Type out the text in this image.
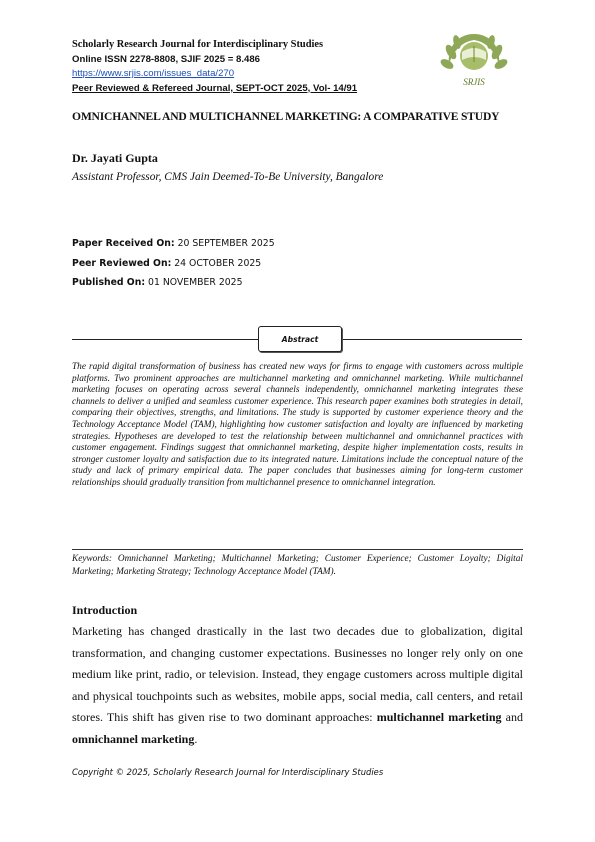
Scholarly Research Journal for Interdisciplinary Studies
Online ISSN 2278-8808, SJIF 2025 = 8.486
https://www.srjis.com/issues_data/270
Peer Reviewed & Refereed Journal, SEPT-OCT 2025, Vol- 14/91
SRJIS
OMNICHANNEL AND MULTICHANNEL MARKETING: A COMPARATIVE STUDY
Dr. Jayati Gupta
Assistant Professor, CMS Jain Deemed-To-Be University, Bangalore
Paper Received On: 20 SEPTEMBER 2025
Peer Reviewed On: 24 OCTOBER 2025
Published On: 01 NOVEMBER 2025
Abstract
The rapid digital transformation of business has created new ways for firms to engage with customers across multiple platforms. Two prominent approaches are multichannel marketing and omnichannel marketing. While multichannel marketing focuses on operating across several channels independently, omnichannel marketing integrates these channels to deliver a unified and seamless customer experience. This research paper examines both strategies in detail, comparing their objectives, strengths, and limitations. The study is supported by customer experience theory and the Technology Acceptance Model (TAM), highlighting how customer satisfaction and loyalty are influenced by marketing strategies. Hypotheses are developed to test the relationship between multichannel and omnichannel practices with customer engagement. Findings suggest that omnichannel marketing, despite higher implementation costs, results in stronger customer loyalty and satisfaction due to its integrated nature. Limitations include the conceptual nature of the study and lack of primary empirical data. The paper concludes that businesses aiming for long-term customer relationships should gradually transition from multichannel presence to omnichannel integration.
Keywords: Omnichannel Marketing; Multichannel Marketing; Customer Experience; Customer Loyalty; Digital Marketing; Marketing Strategy; Technology Acceptance Model (TAM).
Introduction
Marketing has changed drastically in the last two decades due to globalization, digital transformation, and changing customer expectations. Businesses no longer rely only on one medium like print, radio, or television. Instead, they engage customers across multiple digital and physical touchpoints such as websites, mobile apps, social media, call centers, and retail stores. This shift has given rise to two dominant approaches: multichannel marketing and omnichannel marketing.
Copyright © 2025, Scholarly Research Journal for Interdisciplinary Studies
